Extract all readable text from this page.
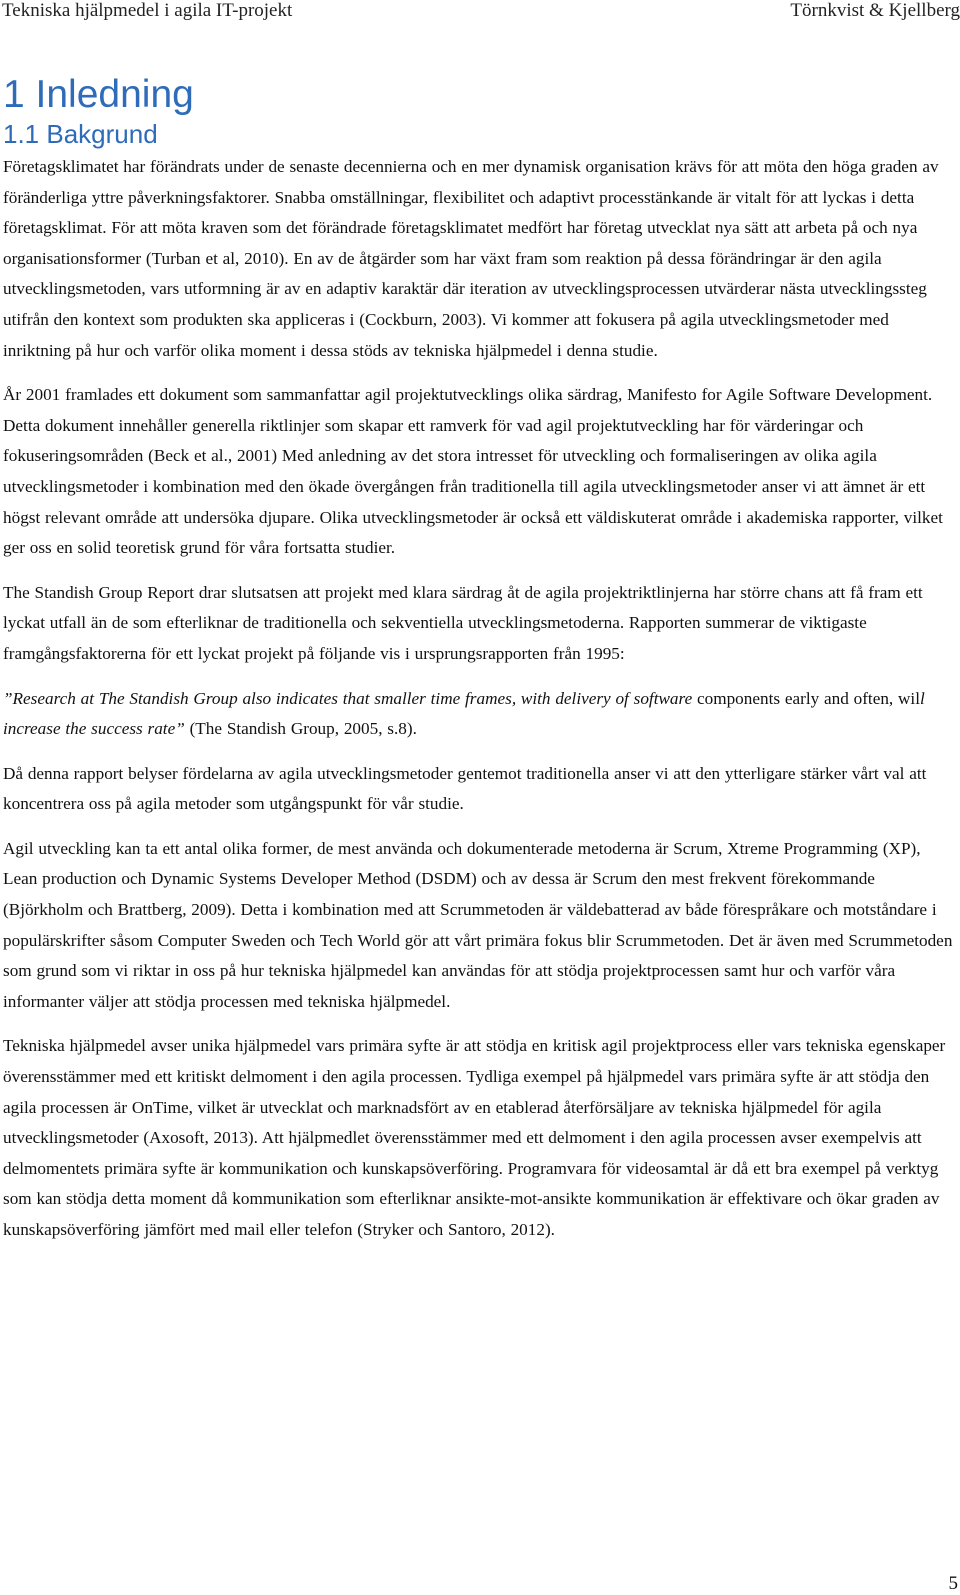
Tekniska hjälpmedel i agila IT-projekt	Törnkvist & Kjellberg
1 Inledning
1.1 Bakgrund

Företagsklimatet har förändrats under de senaste decennierna och en mer dynamisk organisation krävs för att möta den höga graden av föränderliga yttre påverkningsfaktorer. Snabba omställningar, flexibilitet och adaptivt processtänkande är vitalt för att lyckas i detta företagsklimat. För att möta kraven som det förändrade företagsklimatet medfört har företag utvecklat nya sätt att arbeta på och nya organisationsformer (Turban et al, 2010). En av de åtgärder som har växt fram som reaktion på dessa förändringar är den agila utvecklingsmetoden, vars utformning är av en adaptiv karaktär där iteration av utvecklingsprocessen utvärderar nästa utvecklingssteg utifrån den kontext som produkten ska appliceras i (Cockburn, 2003). Vi kommer att fokusera på agila utvecklingsmetoder med inriktning på hur och varför olika moment i dessa stöds av tekniska hjälpmedel i denna studie.

År 2001 framlades ett dokument som sammanfattar agil projektutvecklings olika särdrag, Manifesto for Agile Software Development. Detta dokument innehåller generella riktlinjer som skapar ett ramverk för vad agil projektutveckling har för värderingar och fokuseringsområden (Beck et al., 2001) Med anledning av det stora intresset för utveckling och formaliseringen av olika agila utvecklingsmetoder i kombination med den ökade övergången från traditionella till agila utvecklingsmetoder anser vi att ämnet är ett högst relevant område att undersöka djupare. Olika utvecklingsmetoder är också ett väldiskuterat område i akademiska rapporter, vilket ger oss en solid teoretisk grund för våra fortsatta studier.

The Standish Group Report drar slutsatsen att projekt med klara särdrag åt de agila projektriktlinjerna har större chans att få fram ett lyckat utfall än de som efterliknar de traditionella och sekventiella utvecklingsmetoderna. Rapporten summerar de viktigaste framgångsfaktorerna för ett lyckat projekt på följande vis i ursprungsrapporten från 1995:

”Research at The Standish Group also indicates that smaller time frames, with delivery of software components early and often, will increase the success rate” (The Standish Group, 2005, s.8).

Då denna rapport belyser fördelarna av agila utvecklingsmetoder gentemot traditionella anser vi att den ytterligare stärker vårt val att koncentrera oss på agila metoder som utgångspunkt för vår studie.

Agil utveckling kan ta ett antal olika former, de mest använda och dokumenterade metoderna är Scrum, Xtreme Programming (XP), Lean production och Dynamic Systems Developer Method (DSDM) och av dessa är Scrum den mest frekvent förekommande (Björkholm och Brattberg, 2009). Detta i kombination med att Scrummetoden är väldebatterad av både förespråkare och motståndare i populärskrifter såsom Computer Sweden och Tech World gör att vårt primära fokus blir Scrummetoden. Det är även med Scrummetoden som grund som vi riktar in oss på hur tekniska hjälpmedel kan användas för att stödja projektprocessen samt hur och varför våra informanter väljer att stödja processen med tekniska hjälpmedel.

Tekniska hjälpmedel avser unika hjälpmedel vars primära syfte är att stödja en kritisk agil projektprocess eller vars tekniska egenskaper överensstämmer med ett kritiskt delmoment i den agila processen. Tydliga exempel på hjälpmedel vars primära syfte är att stödja den agila processen är OnTime, vilket är utvecklat och marknadsfört av en etablerad återförsäljare av tekniska hjälpmedel för agila utvecklingsmetoder (Axosoft, 2013). Att hjälpmedlet överensstämmer med ett delmoment i den agila processen avser exempelvis att delmomentets primära syfte är kommunikation och kunskapsöverföring. Programvara för videosamtal är då ett bra exempel på verktyg som kan stödja detta moment då kommunikation som efterliknar ansikte-mot-ansikte kommunikation är effektivare och ökar graden av kunskapsöverföring jämfört med mail eller telefon (Stryker och Santoro, 2012).

5
